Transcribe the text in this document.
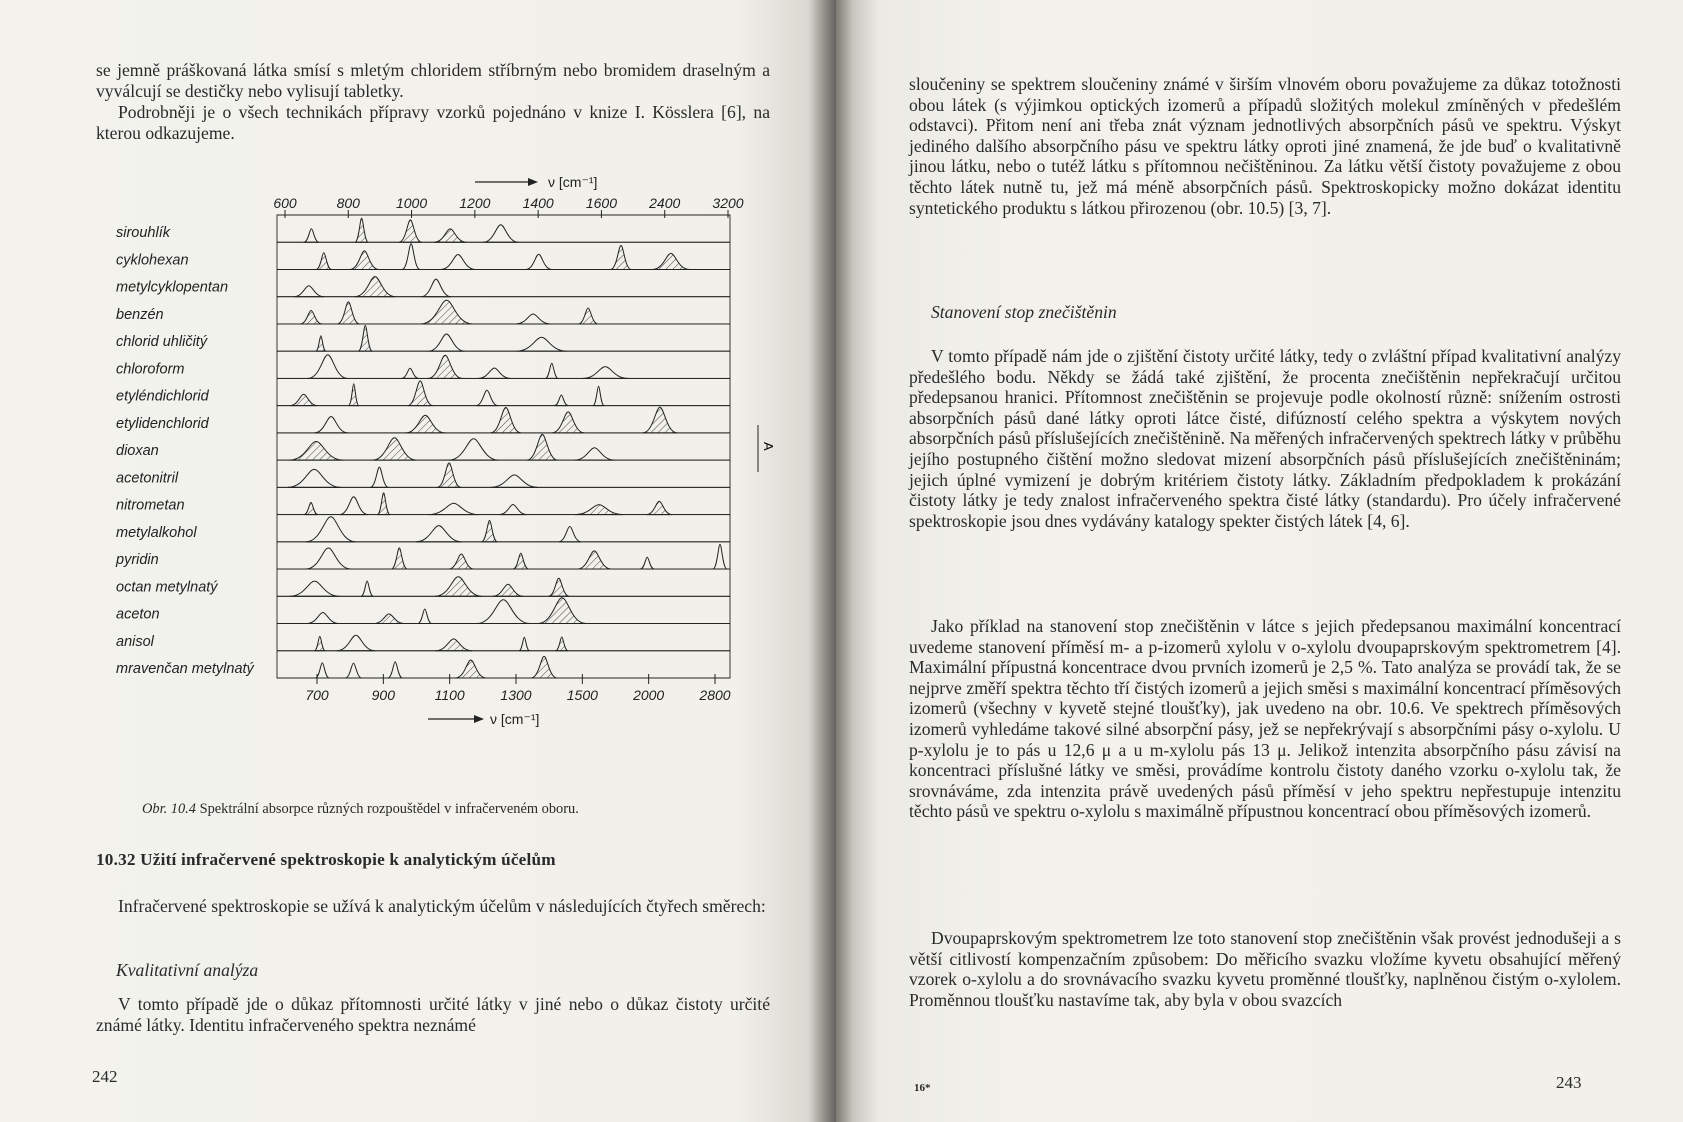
se jemně práškovaná látka smísí s mletým chloridem stříbrným nebo bromidem draselným a vyválcují se destičky nebo vylisují tabletky.

Podrobněji je o všech technikách přípravy vzorků pojednáno v knize I. Kösslera [6], na kterou odkazujeme.

ν [cm⁻¹]
600	800	1000 1200 1400 1600 2400 3200
sirouhlík
cyklohexan
metylcyklopentan
benzén
chlorid uhličitý
chloroform
etyléndichlorid
etylidenchlorid
dioxan
acetonitril
nitrometan
metylalkohol
pyridin
octan metylnatý
aceton
anisol
mravenčan metylnatý
700	900	1100	1300	1500	2000	2800
ν [cm⁻¹]
A

Obr. 10.4 Spektrální absorpce různých rozpouštědel v infračerveném oboru.

10.32 Užití infračervené spektroskopie k analytickým účelům

Infračervené spektroskopie se užívá k analytickým účelům v následujících čtyřech směrech:

Kvalitativní analýza

V tomto případě jde o důkaz přítomnosti určité látky v jiné nebo o důkaz čistoty určité známé látky. Identitu infračerveného spektra neznámé

242

sloučeniny se spektrem sloučeniny známé v širším vlnovém oboru považujeme za důkaz totožnosti obou látek (s výjimkou optických izomerů a případů složitých molekul zmíněných v předešlém odstavci). Přitom není ani třeba znát význam jednotlivých absorpčních pásů ve spektru. Výskyt jediného dalšího absorpčního pásu ve spektru látky oproti jiné znamená, že jde buď o kvalitativně jinou látku, nebo o tutéž látku s přítomnou nečištěninou. Za látku větší čistoty považujeme z obou těchto látek nutně tu, jež má méně absorpčních pásů. Spektroskopicky možno dokázat identitu syntetického produktu s látkou přirozenou (obr. 10.5) [3, 7].

Stanovení stop znečištěnin

V tomto případě nám jde o zjištění čistoty určité látky, tedy o zvláštní případ kvalitativní analýzy předešlého bodu. Někdy se žádá také zjištění, že procenta znečištěnin nepřekračují určitou předepsanou hranici. Přítomnost znečištěnin se projevuje podle okolností různě: snížením ostrosti absorpčních pásů dané látky oproti látce čisté, difúzností celého spektra a výskytem nových absorpčních pásů příslušejících znečištěnině. Na měřených infračervených spektrech látky v průběhu jejího postupného čištění možno sledovat mizení absorpčních pásů příslušejících znečištěninám; jejich úplné vymizení je dobrým kritériem čistoty látky. Základním předpokladem k prokázání čistoty látky je tedy znalost infračerveného spektra čisté látky (standardu). Pro účely infračervené spektroskopie jsou dnes vydávány katalogy spekter čistých látek [4, 6].

Jako příklad na stanovení stop znečištěnin v látce s jejich předepsanou maximální koncentrací uvedeme stanovení příměsí m- a p-izomerů xylolu v o-xylolu dvoupaprskovým spektrometrem [4]. Maximální přípustná koncentrace dvou prvních izomerů je 2,5 %. Tato analýza se provádí tak, že se nejprve změří spektra těchto tří čistých izomerů a jejich směsi s maximální koncentrací příměsových izomerů (všechny v kyvetě stejné tloušťky), jak uvedeno na obr. 10.6. Ve spektrech příměsových izomerů vyhledáme takové silné absorpční pásy, jež se nepřekrývají s absorpčními pásy o-xylolu. U p-xylolu je to pás u 12,6 μ a u m-xylolu pás 13 μ. Jelikož intenzita absorpčního pásu závisí na koncentraci příslušné látky ve směsi, provádíme kontrolu čistoty daného vzorku o-xylolu tak, že srovnáváme, zda intenzita právě uvedených pásů příměsí v jeho spektru nepřestupuje intenzitu těchto pásů ve spektru o-xylolu s maximálně přípustnou koncentrací obou příměsových izomerů.

Dvoupaprskovým spektrometrem lze toto stanovení stop znečištěnin však provést jednodušeji a s větší citlivostí kompenzačním způsobem: Do měřicího svazku vložíme kyvetu obsahující měřený vzorek o-xylolu a do srovnávacího svazku kyvetu proměnné tloušťky, naplněnou čistým o-xylolem. Proměnnou tloušťku nastavíme tak, aby byla v obou svazcích

16*	243
